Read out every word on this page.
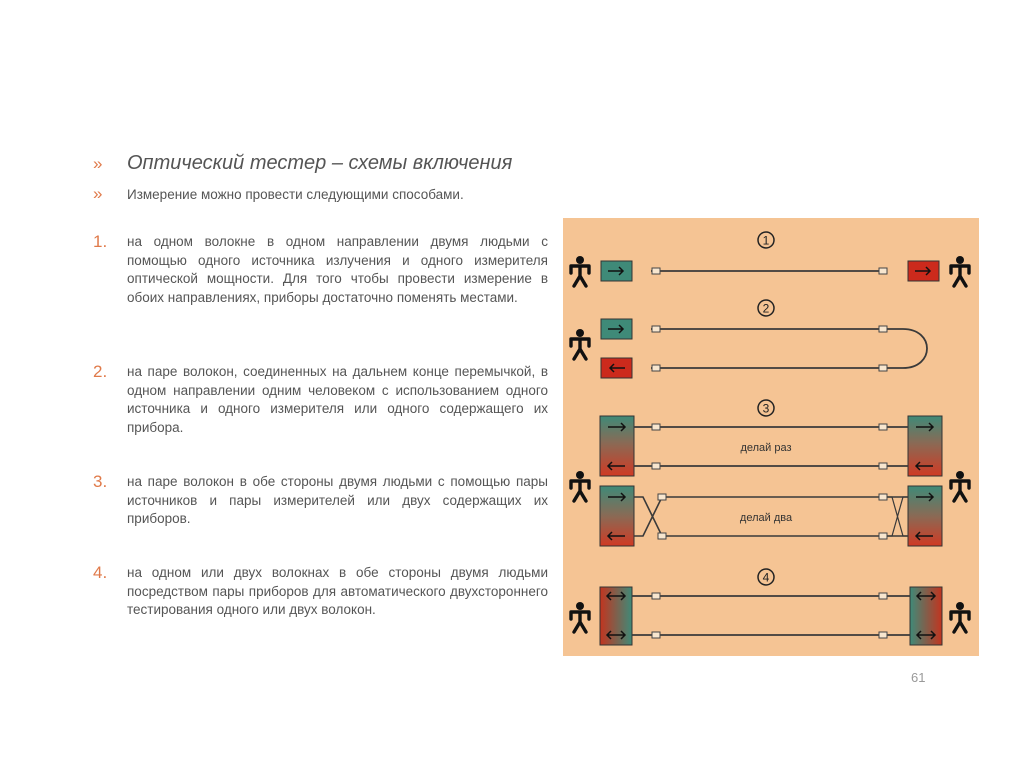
»	Оптический тестер – схемы включения
»	Измерение можно провести следующими способами.
1.	на одном волокне в одном направлении двумя людьми с помощью одного источника излучения и одного измерителя оптической мощности. Для того чтобы провести измерение в обоих направлениях, приборы достаточно поменять местами.
2.	на паре волокон, соединенных на дальнем конце перемычкой, в одном направлении одним человеком с использованием одного источника и одного измерителя или одного содержащего их прибора.
3.	на паре волокон в обе стороны двумя людьми с помощью пары источников и пары измерителей или двух содержащих их приборов.
4.	на одном или двух волокнах в обе стороны двумя людьми посредством пары приборов для автоматического двухстороннего тестирования одного или двух волокон.
1
2
3
делай раз
делай два
4
61
